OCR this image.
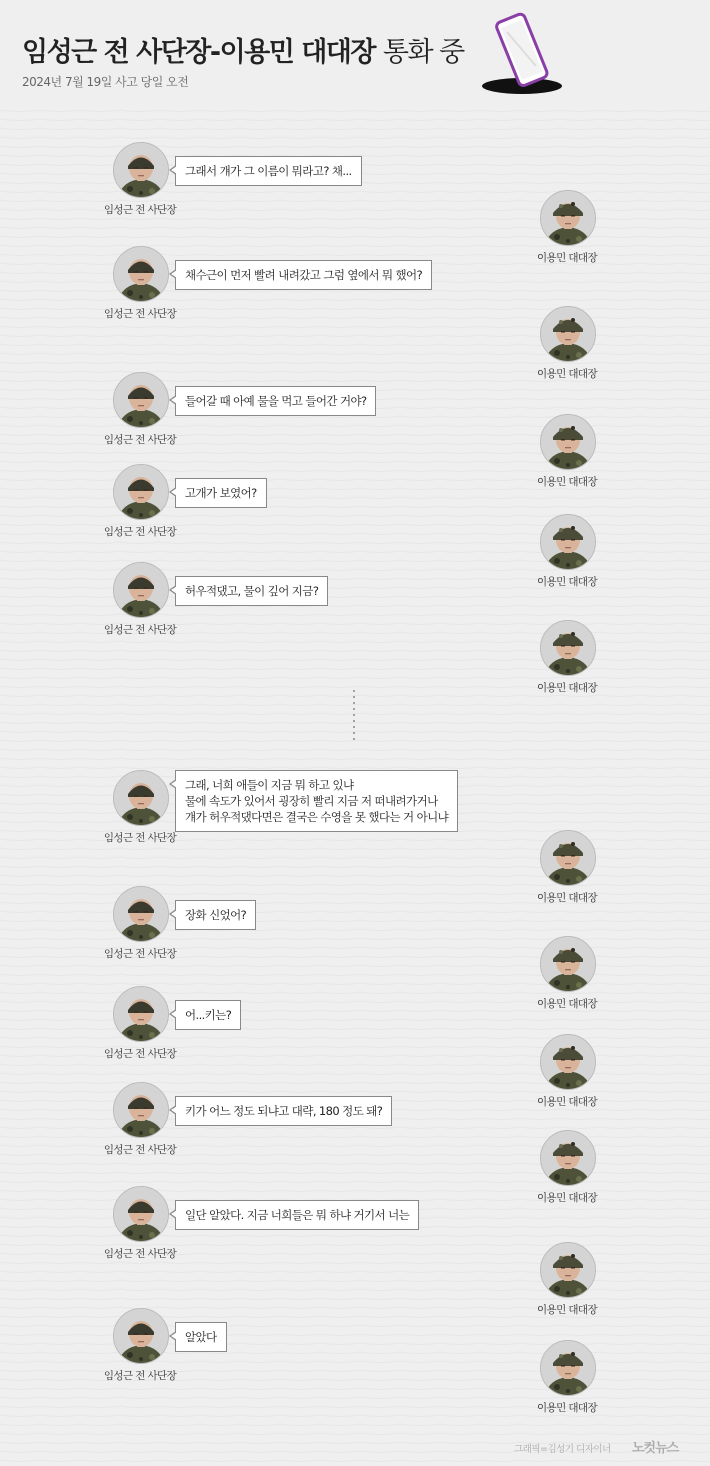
임성근 전 사단장-이용민 대대장 통화 중
2024년 7월 19일 사고 당일 오전
임성근 전 사단장
그래서 걔가 그 이름이 뭐라고? 채...
이용민 대대장
임성근 전 사단장
채수근이 먼저 빨려 내려갔고 그럼 옆에서 뭐 했어?
이용민 대대장
임성근 전 사단장
들어갈 때 아예 물을 먹고 들어간 거야?
이용민 대대장
임성근 전 사단장
고개가 보였어?
이용민 대대장
임성근 전 사단장
허우적댔고, 물이 깊어 지금?
이용민 대대장
임성근 전 사단장
그래, 너희 애들이 지금 뭐 하고 있냐
물에 속도가 있어서 굉장히 빨리 지금 저 떠내려가거나
걔가 허우적댔다면은 결국은 수영을 못 했다는 거 아니냐
이용민 대대장
임성근 전 사단장
장화 신었어?
이용민 대대장
임성근 전 사단장
어...키는?
이용민 대대장
임성근 전 사단장
키가 어느 정도 되냐고 대략, 180 정도 돼?
이용민 대대장
임성근 전 사단장
일단 알았다. 지금 너희들은 뭐 하냐 거기서 너는
이용민 대대장
임성근 전 사단장
알았다
이용민 대대장
그래픽=김성기 디자이너 노컷뉴스
